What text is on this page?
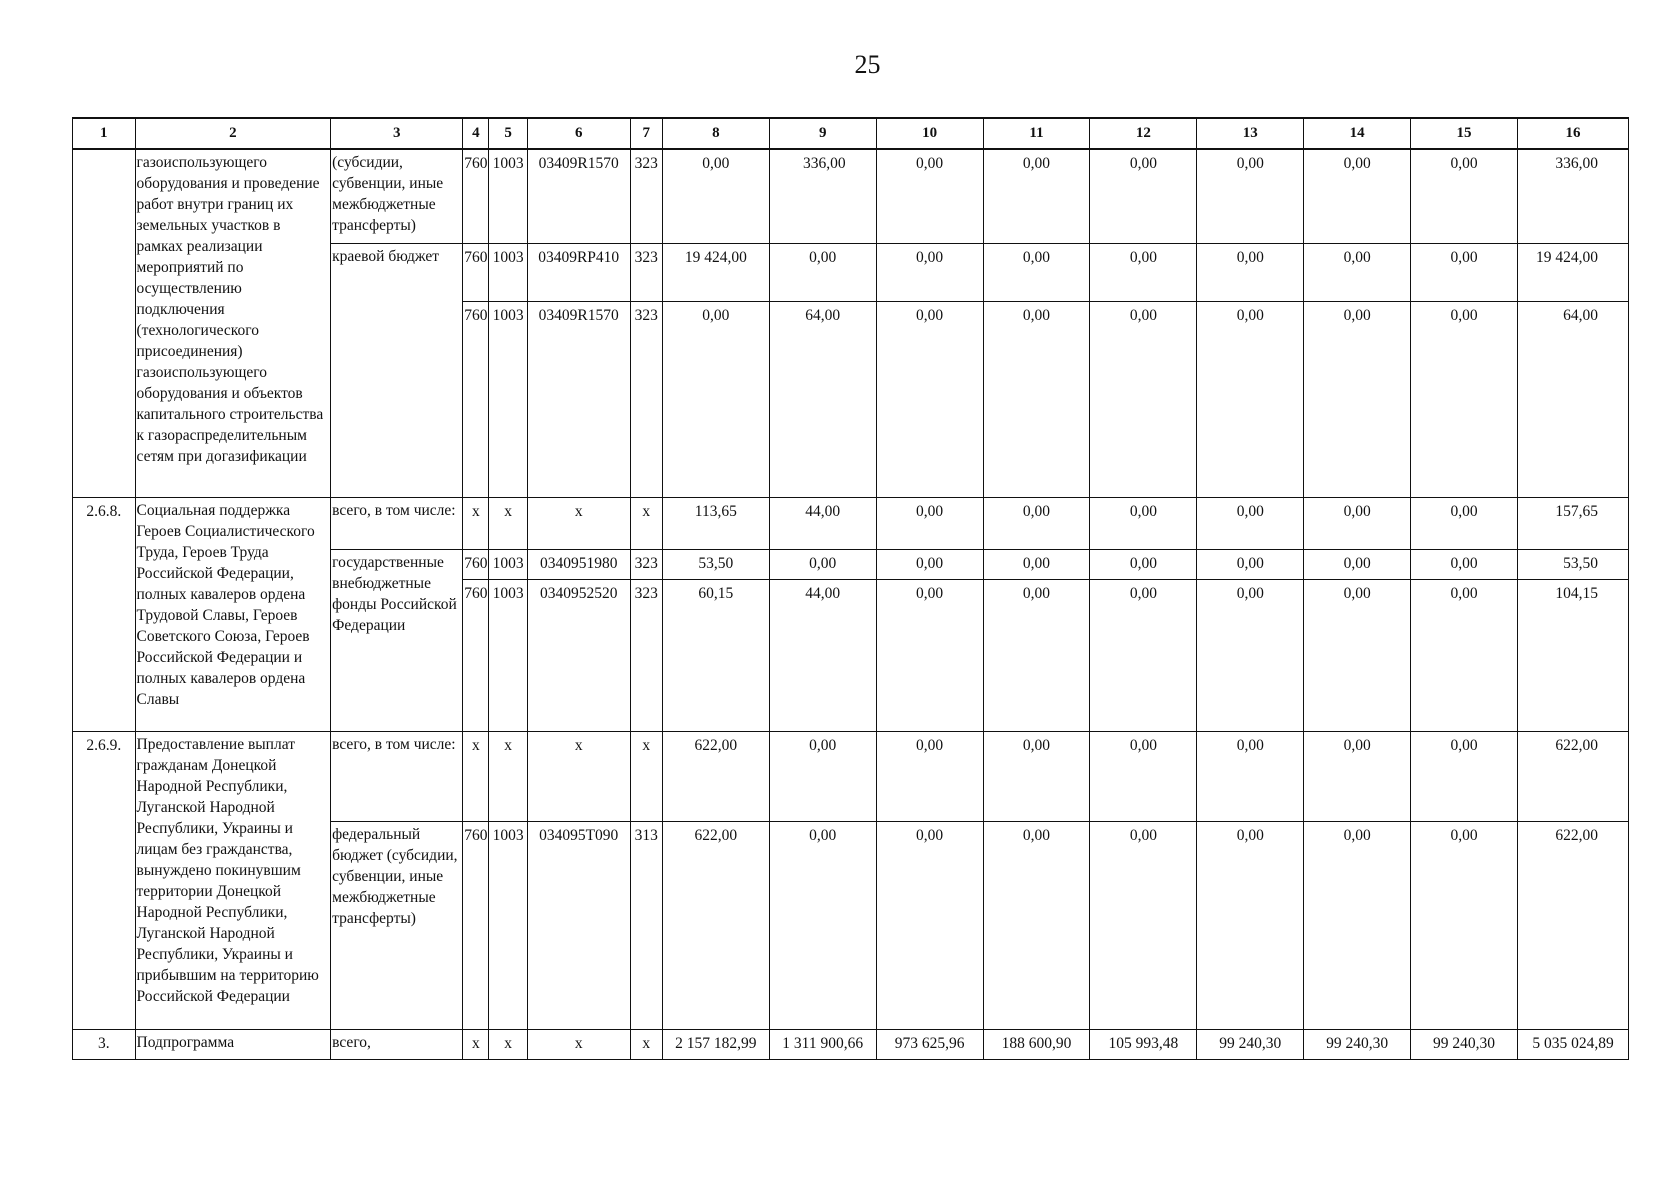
25
1	2	3	4	5	6	7	8	9	10	11	12	13	14	15	16
	газоиспользующего оборудования и проведение работ внутри границ их земельных участков в рамках реализации мероприятий по осуществлению подключения (технологического присоединения) газоиспользующего оборудования и объектов капитального строительства к газораспределительным сетям при догазификации	(субсидии, субвенции, иные межбюджетные трансферты)	760	1003	03409R1570	323	0,00	336,00	0,00	0,00	0,00	0,00	0,00	0,00	336,00
		краевой бюджет	760	1003	03409RP410	323	19 424,00	0,00	0,00	0,00	0,00	0,00	0,00	0,00	19 424,00
			760	1003	03409R1570	323	0,00	64,00	0,00	0,00	0,00	0,00	0,00	0,00	64,00
2.6.8.	Социальная поддержка Героев Социалистического Труда, Героев Труда Российской Федерации, полных кавалеров ордена Трудовой Славы, Героев Советского Союза, Героев Российской Федерации и полных кавалеров ордена Славы	всего, в том числе:	x	x	x	x	113,65	44,00	0,00	0,00	0,00	0,00	0,00	0,00	157,65
		государственные внебюджетные фонды Российской Федерации	760	1003	0340951980	323	53,50	0,00	0,00	0,00	0,00	0,00	0,00	0,00	53,50
			760	1003	0340952520	323	60,15	44,00	0,00	0,00	0,00	0,00	0,00	0,00	104,15
2.6.9.	Предоставление выплат гражданам Донецкой Народной Республики, Луганской Народной Республики, Украины и лицам без гражданства, вынуждено покинувшим территории Донецкой Народной Республики, Луганской Народной Республики, Украины и прибывшим на территорию Российской Федерации	всего, в том числе:	x	x	x	x	622,00	0,00	0,00	0,00	0,00	0,00	0,00	0,00	622,00
		федеральный бюджет (субсидии, субвенции, иные межбюджетные трансферты)	760	1003	034095T090	313	622,00	0,00	0,00	0,00	0,00	0,00	0,00	0,00	622,00
3.	Подпрограмма	всего,	x	x	x	x	2 157 182,99	1 311 900,66	973 625,96	188 600,90	105 993,48	99 240,30	99 240,30	99 240,30	5 035 024,89
